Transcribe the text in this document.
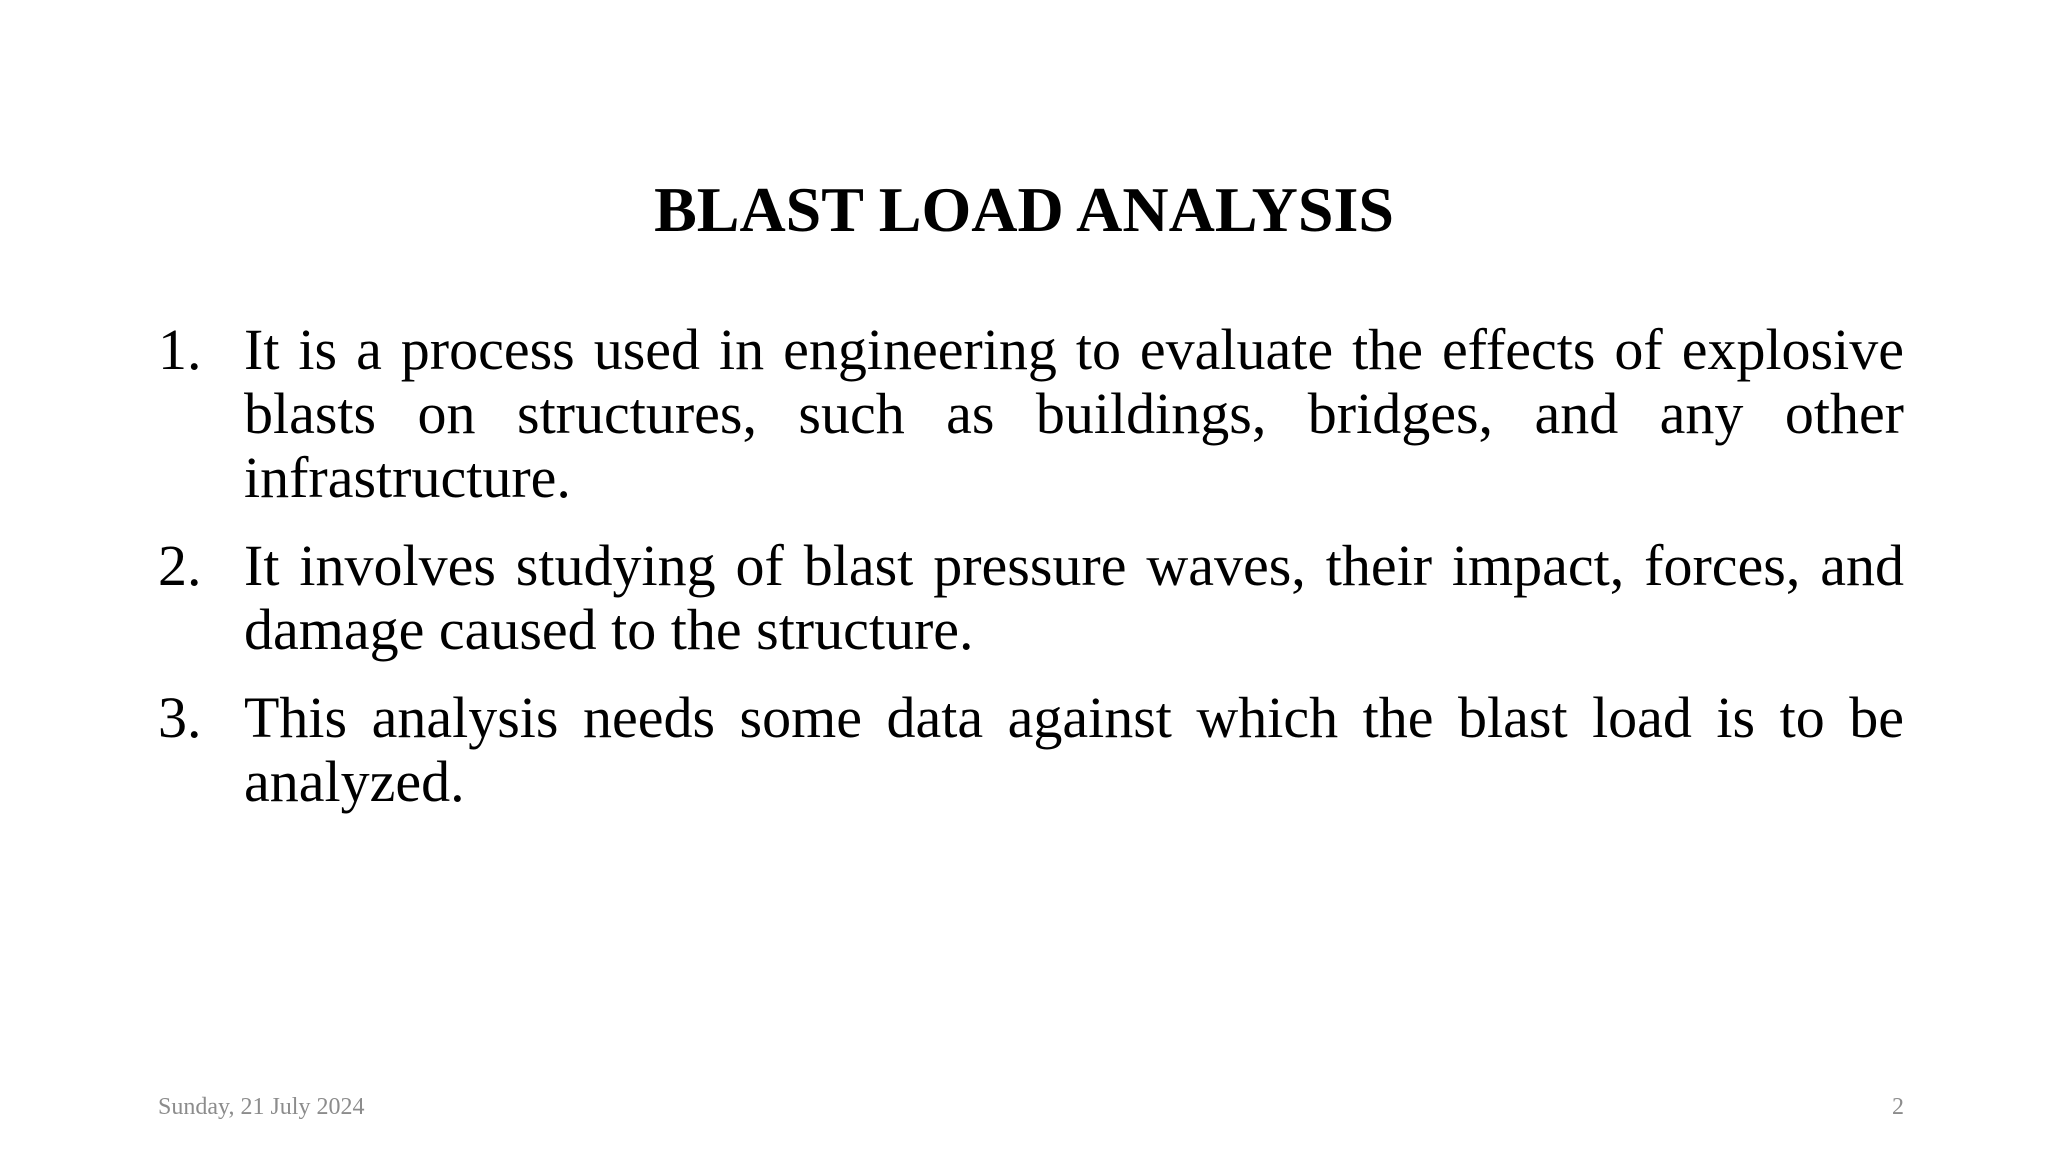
BLAST LOAD ANALYSIS
1. It is a process used in engineering to evaluate the effects of explosive blasts on structures, such as buildings, bridges, and any other infrastructure.
2. It involves studying of blast pressure waves, their impact, forces, and damage caused to the structure.
3. This analysis needs some data against which the blast load is to be analyzed.
Sunday, 21 July 2024	2
